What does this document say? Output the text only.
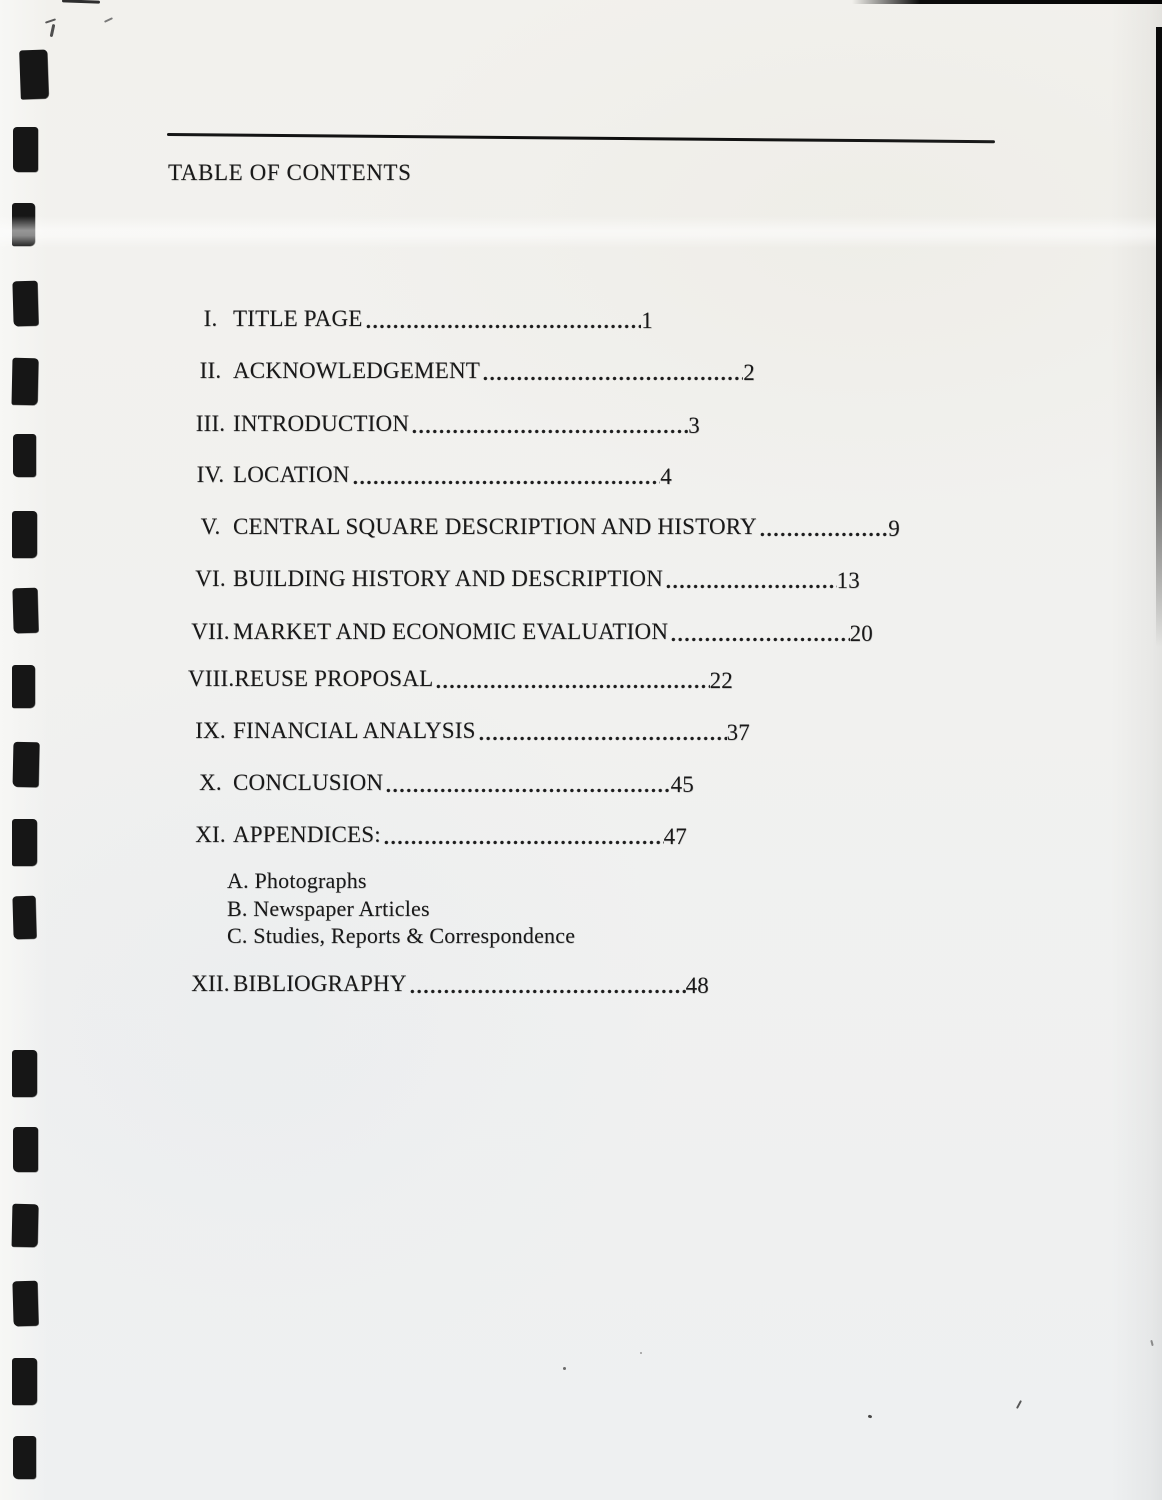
TABLE OF CONTENTS
I. TITLE PAGE	1
II. ACKNOWLEDGEMENT	2
III. INTRODUCTION	3
IV. LOCATION	4
V. CENTRAL SQUARE DESCRIPTION AND HISTORY	9
VI. BUILDING HISTORY AND DESCRIPTION	13
VII. MARKET AND ECONOMIC EVALUATION	20
VIII. REUSE PROPOSAL	22
IX. FINANCIAL ANALYSIS	37
X. CONCLUSION	45
XI. APPENDICES:	47
A. Photographs
B. Newspaper Articles
C. Studies, Reports & Correspondence
XII. BIBLIOGRAPHY	48
